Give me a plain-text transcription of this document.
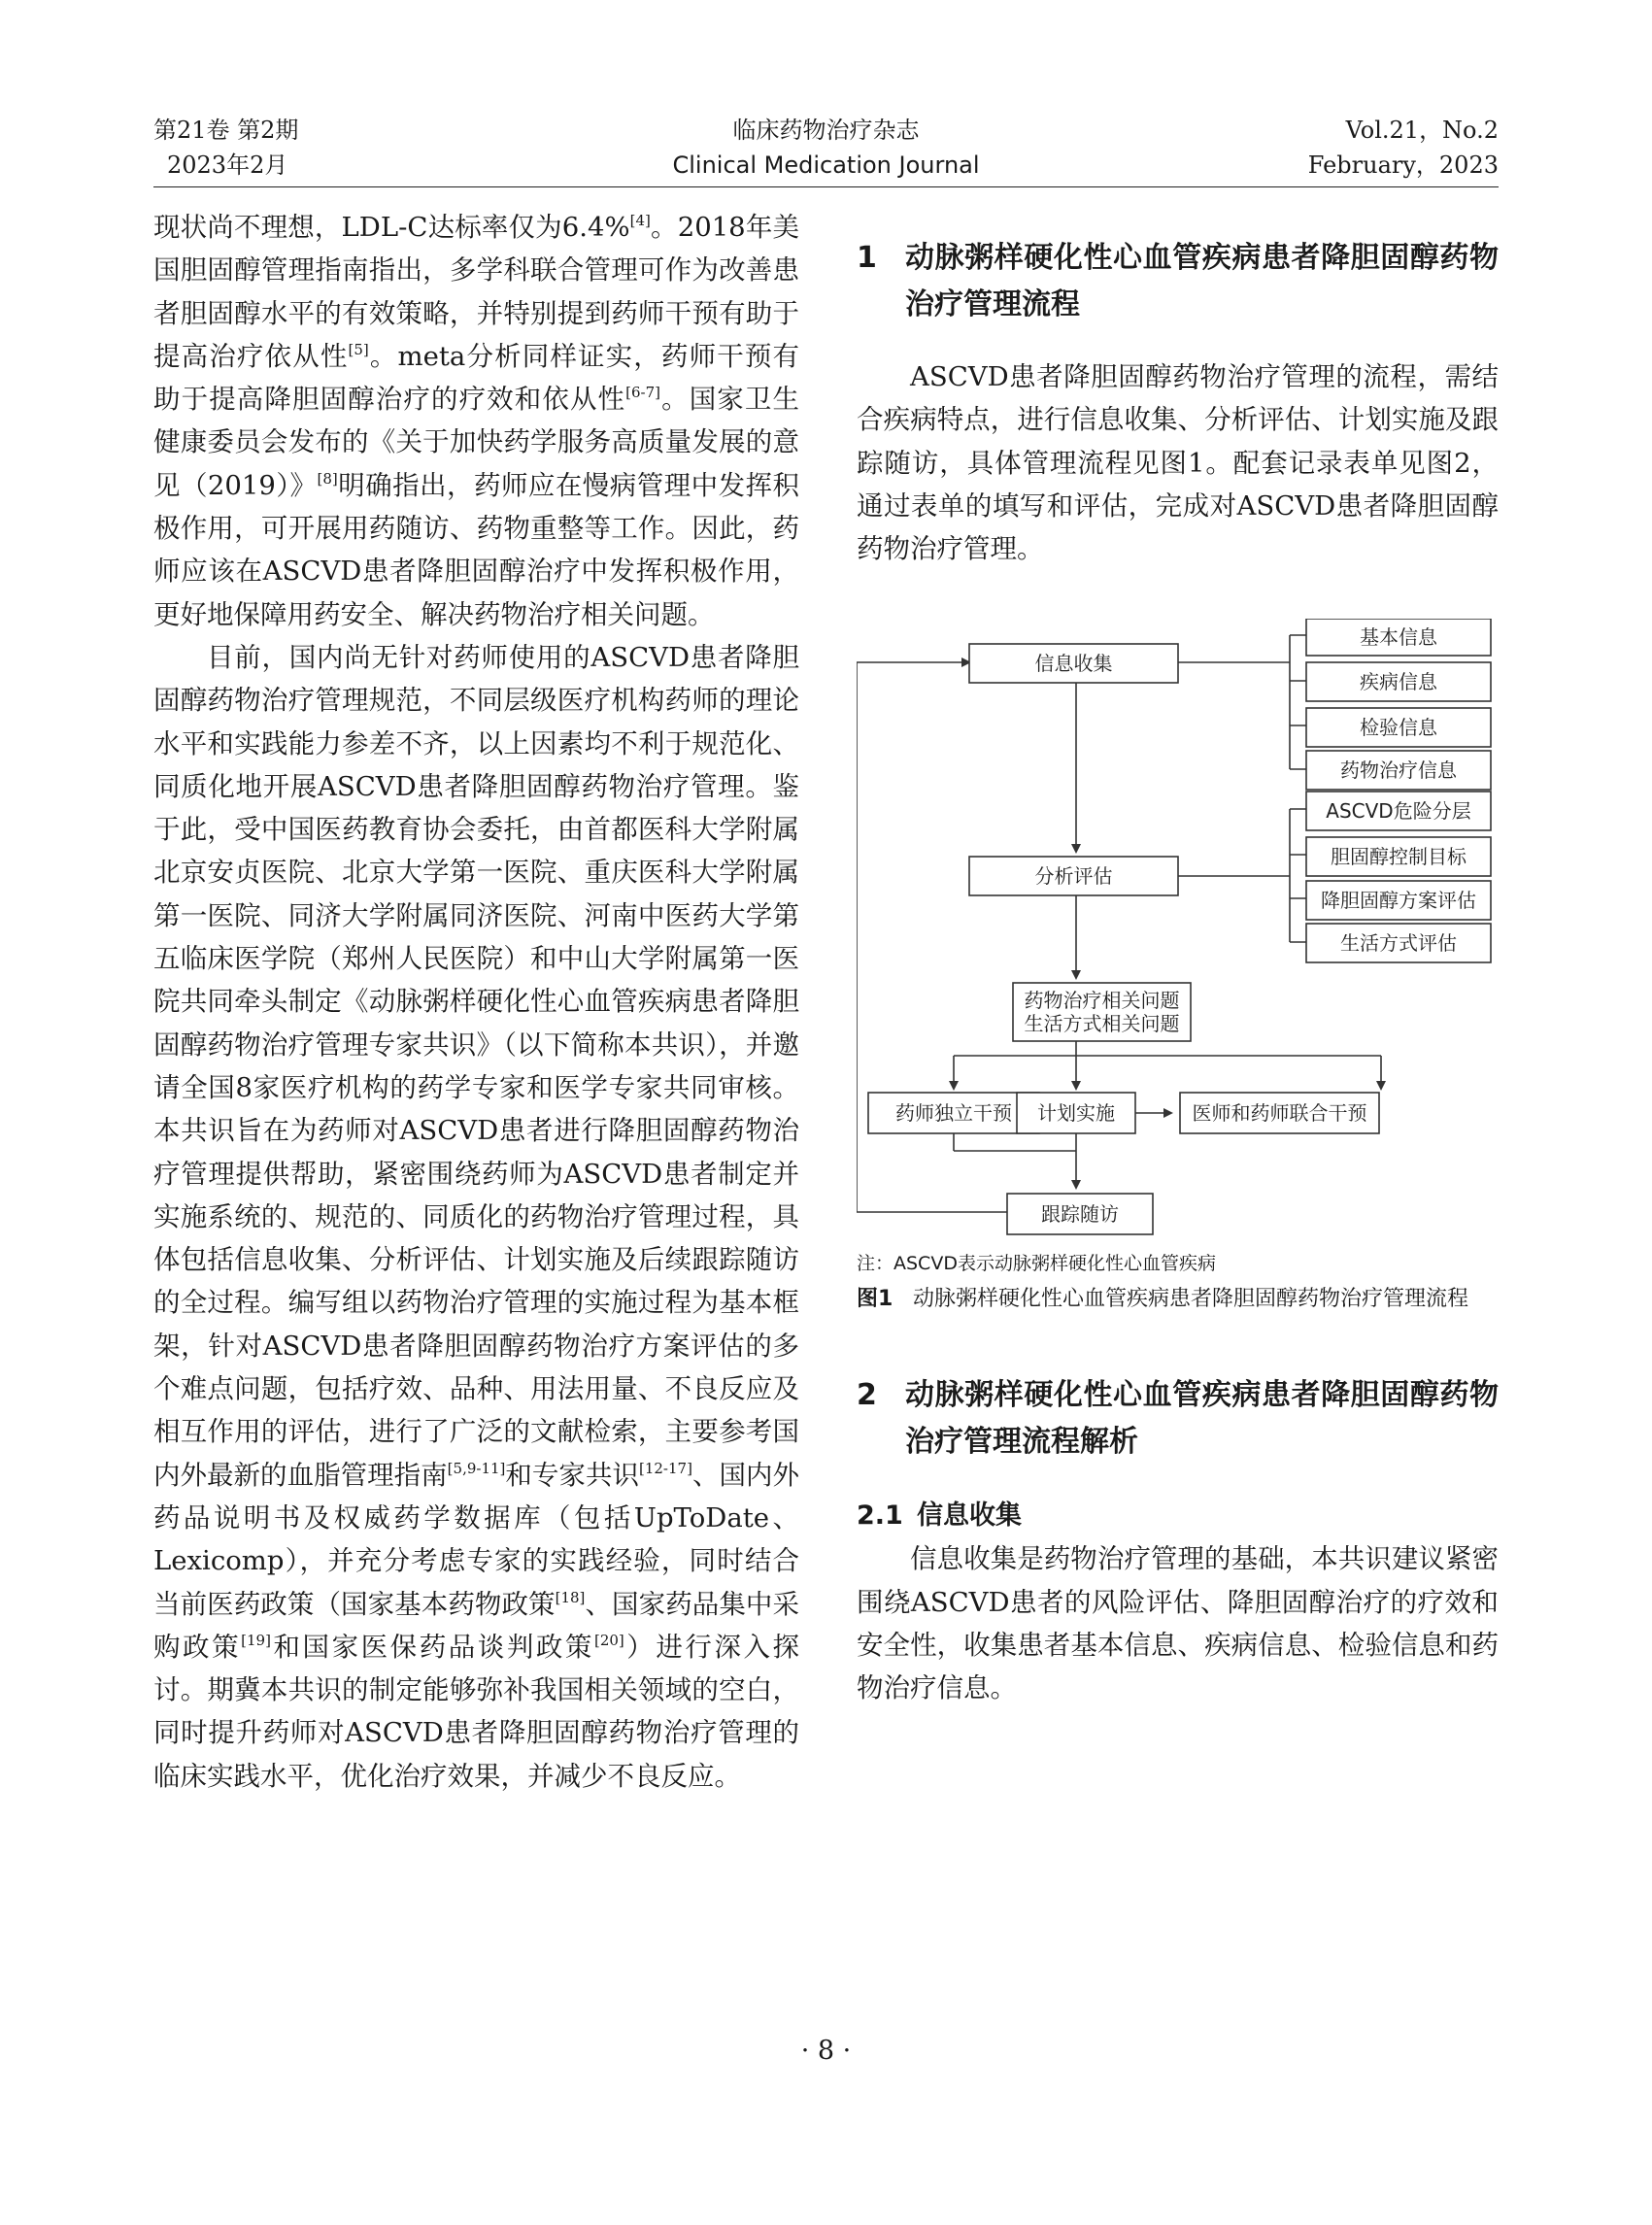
第21卷 第2期
2023年2月
临床药物治疗杂志
Clinical Medication Journal
Vol.21，No.2
February，2023

现状尚不理想，LDL-C达标率仅为6.4%[4]。2018年美国胆固醇管理指南指出，多学科联合管理可作为改善患者胆固醇水平的有效策略，并特别提到药师干预有助于提高治疗依从性[5]。meta分析同样证实，药师干预有助于提高降胆固醇治疗的疗效和依从性[6-7]。国家卫生健康委员会发布的《关于加快药学服务高质量发展的意见（2019）》[8]明确指出，药师应在慢病管理中发挥积极作用，可开展用药随访、药物重整等工作。因此，药师应该在ASCVD患者降胆固醇治疗中发挥积极作用，更好地保障用药安全、解决药物治疗相关问题。

目前，国内尚无针对药师使用的ASCVD患者降胆固醇药物治疗管理规范，不同层级医疗机构药师的理论水平和实践能力参差不齐，以上因素均不利于规范化、同质化地开展ASCVD患者降胆固醇药物治疗管理。鉴于此，受中国医药教育协会委托，由首都医科大学附属北京安贞医院、北京大学第一医院、重庆医科大学附属第一医院、同济大学附属同济医院、河南中医药大学第五临床医学院（郑州人民医院）和中山大学附属第一医院共同牵头制定《动脉粥样硬化性心血管疾病患者降胆固醇药物治疗管理专家共识》（以下简称本共识），并邀请全国8家医疗机构的药学专家和医学专家共同审核。本共识旨在为药师对ASCVD患者进行降胆固醇药物治疗管理提供帮助，紧密围绕药师为ASCVD患者制定并实施系统的、规范的、同质化的药物治疗管理过程，具体包括信息收集、分析评估、计划实施及后续跟踪随访的全过程。编写组以药物治疗管理的实施过程为基本框架，针对ASCVD患者降胆固醇药物治疗方案评估的多个难点问题，包括疗效、品种、用法用量、不良反应及相互作用的评估，进行了广泛的文献检索，主要参考国内外最新的血脂管理指南[5,9-11]和专家共识[12-17]、国内外药品说明书及权威药学数据库（包括UpToDate、Lexicomp），并充分考虑专家的实践经验，同时结合当前医药政策（国家基本药物政策[18]、国家药品集中采购政策[19]和国家医保药品谈判政策[20]）进行深入探讨。期冀本共识的制定能够弥补我国相关领域的空白，同时提升药师对ASCVD患者降胆固醇药物治疗管理的临床实践水平，优化治疗效果，并减少不良反应。

1 动脉粥样硬化性心血管疾病患者降胆固醇药物治疗管理流程

ASCVD患者降胆固醇药物治疗管理的流程，需结合疾病特点，进行信息收集、分析评估、计划实施及跟踪随访，具体管理流程见图1。配套记录表单见图2，通过表单的填写和评估，完成对ASCVD患者降胆固醇药物治疗管理。

信息收集
基本信息
疾病信息
检验信息
药物治疗信息
ASCVD危险分层
胆固醇控制目标
降胆固醇方案评估
生活方式评估
分析评估
药物治疗相关问题
生活方式相关问题
药师独立干预 计划实施	医师和药师联合干预
跟踪随访

注：ASCVD表示动脉粥样硬化性心血管疾病

图1 动脉粥样硬化性心血管疾病患者降胆固醇药物治疗管理流程
2 动脉粥样硬化性心血管疾病患者降胆固醇药物治疗管理流程解析
2.1 信息收集

信息收集是药物治疗管理的基础，本共识建议紧密围绕ASCVD患者的风险评估、降胆固醇治疗的疗效和安全性，收集患者基本信息、疾病信息、检验信息和药物治疗信息。

· 8 ·
